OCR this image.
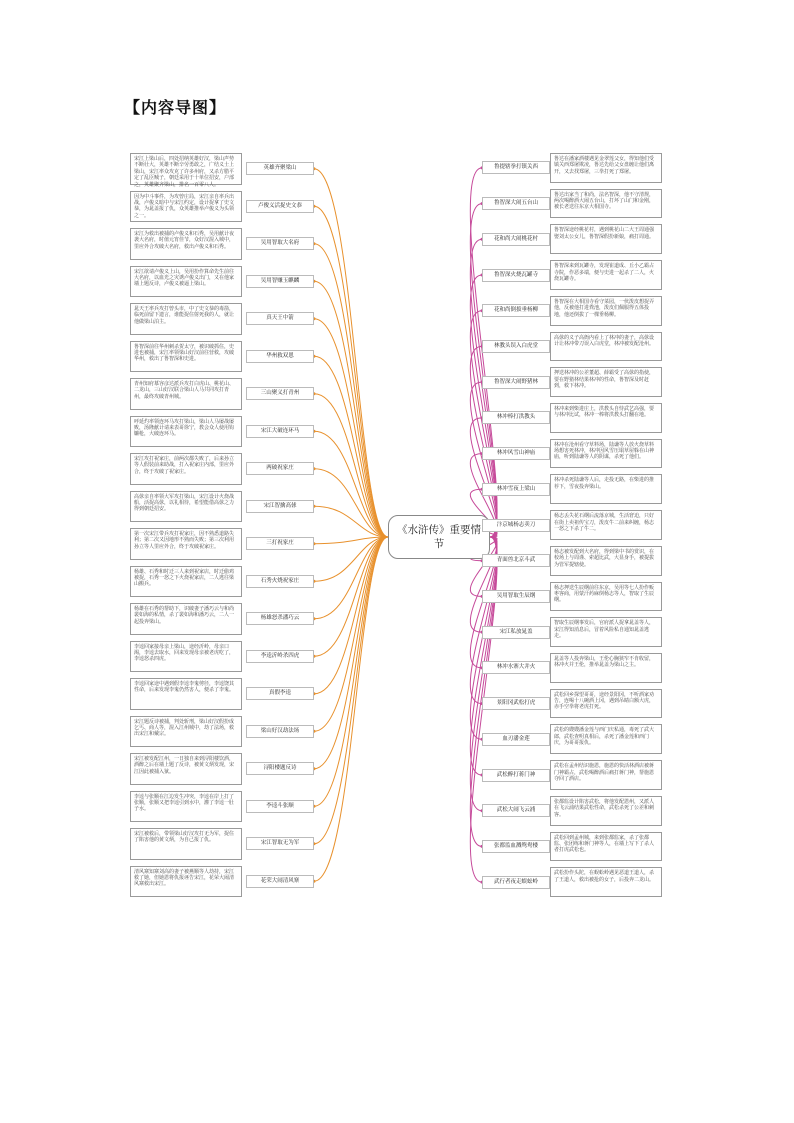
【内容导图】
《水浒传》重要情节
宋江上梁山后，四处招纳英雄好汉，梁山声势不断壮大，英雄不断辛劳勇敢之，广结义士上梁山，宋江率众攻克了许多州府，又杀方腊平定了乱臣贼子，朝廷采用于十单位招安，户部之，英雄聚齐梁山，排名一百零八人。
英雄齐聚梁山
因为中斗事件，为攻曾庄局，宋江亲自率兵出战，卢俊义暗中与宋江约定，设计捉拿了史文恭，为晁盖报了仇，众英雄推举卢俊义为头领之一。
卢俊义活捉史文恭
宋江为救出被捕的卢俊义和石秀，吴用献计夜袭大名府，时值元宵佳节，众好汉混入城中，里应外合攻破大名府，救出卢俊义和石秀。
吴用智取大名府
宋江欲请卢俊义上山，吴用扮作算命先生前往大名府，以血光之灾诱卢俊义出门，又在他家墙上题反诗，卢俊义被逼上梁山。
吴用智赚玉麒麟
晁天王率兵攻打曾头市，中了史文恭的毒箭，临死前留下遗言，谁能捉住射死我的人，就让他做梁山泊主。
真天王中箭
鲁智深前往华州刺杀贺太守，被识破抓住，史进也被捕，宋江率领梁山好汉前往营救，攻破华州，救出了鲁智深和史进。
华州救双恩
青州知府慕容彦达派兵攻打白虎山、桃花山、二龙山，三山好汉联合梁山人马共同攻打青州，最终攻破青州城。
三山聚义打青州
呼延灼率领连环马攻打梁山，梁山人马屡战屡败，汤隆献计请来表哥徐宁，教会众人使用钩镰枪，大破连环马。
宋江大破连环马
宋江攻打祝家庄，前两次都失败了，后来孙立等人假装前来助战，打入祝家庄内部，里应外合，终于攻破了祝家庄。
两破祝家庄
高俅亲自率领大军攻打梁山，宋江设计火烧战船，活捉高俅，以礼相待，希望能借高俅之力得到朝廷招安。
宋江智擒高俅
第一次宋江带兵攻打祝家庄，因不熟悉道路失利；第二次又因地形不熟而失败；第三次利用孙立等人里应外合，终于攻破祝家庄。
三打祝家庄
杨雄、石秀和时迁三人来到祝家店，时迁偷鸡被捉，石秀一怒之下火烧祝家店，二人逃往梁山搬兵。
石秀火烧祝家庄
杨雄在石秀的帮助下，识破妻子潘巧云与和尚裴如海的私情，杀了裴如海和潘巧云，二人一起投奔梁山。
杨雄怒杀潘巧云
李逵回家接母亲上梁山，途经沂岭，母亲口渴，李逵去取水，回来发现母亲被老虎吃了，李逵怒杀四虎。
李逵沂岭杀四虎
李逵回家途中遇到假李逵李鬼剪径，李逵饶其性命，后来发现李鬼仍然害人，便杀了李鬼。	真假李逵
宋江题反诗被捕，判处斩刑，梁山好汉假扮成乞丐、商人等，混入江州城中，劫了法场，救出宋江和戴宗。
梁山好汉劫法场
宋江被发配江州，一日独自来到浔阳楼饮酒，酒醉之后在墙上题了反诗，被黄文炳发现，宋江因此被捕入狱。
浔阳楼题反诗
李逵与张顺在江边发生冲突，李逵在岸上打了张顺，张顺又把李逵引到水中，灌了李逵一肚子水。
李逵斗张顺
宋江被救后，带领梁山好汉攻打无为军，捉住了陷害他的黄文炳，为自己报了仇。	宋江智取无为军
清风寨知寨刘高的妻子被燕顺等人劫持，宋江救了她，但她恩将仇报诬告宋江，花荣大闹清风寨救出宋江。
花荣大闹清风寨
鲁达在潘家酒楼遇见金翠莲父女，得知他们受镇关西郑屠欺凌，鲁达先给父女盘缠让他们离开，又去找郑屠，三拳打死了郑屠。
鲁提辖拳打镇关西
鲁达出家当了和尚，法名智深，他不守清规，两次喝醉酒大闹五台山，打坏了山门和金刚，被长老送往东京大相国寺。
鲁智深大闹五台山
鲁智深途经桃花村，遇到桃花山二大王周通强娶刘太公女儿，鲁智深假扮新娘，痛打周通。
花和尚大闹桃花村
鲁智深来到瓦罐寺，发现崔道成、丘小乙霸占寺院，作恶多端，便与史进一起杀了二人，火烧瓦罐寺。
鲁智深火烧瓦罐寺
鲁智深在大相国寺看守菜园，一伙泼皮想捉弄他，反被他打进粪池，泼皮们佩服得五体投地，他还倒拔了一棵垂杨柳。
花和尚倒拔垂杨柳
高俅的义子高衙内看上了林冲的妻子，高俅设计让林冲带刀误入白虎堂，林冲被发配沧州。
林教头误入白虎堂
押送林冲的公差董超、薛霸受了高俅的指使，要在野猪林结果林冲的性命，鲁智深及时赶到，救下林冲。
鲁智深大闹野猪林
林冲来到柴进庄上，洪教头自恃武艺高强，要与林冲比试，林冲一棒将洪教头打翻在地。
林冲棒打洪教头
林冲在沧州看守草料场，陆谦等人放火烧草料场想害死林冲，林冲因风雪压塌草屋躲在山神庙，听到陆谦等人的阴谋，杀死了他们。
林冲风雪山神庙
林冲杀死陆谦等人后，走投无路，在柴进的推荐下，雪夜投奔梁山。
林冲雪夜上梁山
杨志丢失花石纲后流落京城，生活窘迫，只好在街上卖祖传宝刀，泼皮牛二前来纠缠，杨志一怒之下杀了牛二。
汴京城杨志卖刀
杨志被发配到大名府，得到梁中书的赏识，在校场上与周谨、索超比武，大显身手，被提拔为管军提辖使。
青面兽北京斗武
杨志押送生辰纲前往东京，吴用等七人扮作贩枣客商，用蒙汗药麻倒杨志等人，智取了生辰纲。
吴用智取生辰纲
智取生辰纲事发后，官府派人捉拿晁盖等人，宋江得知消息后，冒着风险私自通知晁盖逃走。
宋江私放晁盖
晁盖等人投奔梁山，王伦心胸狭窄不肯收留，林冲火并王伦，推举晁盖为梁山之主。
林冲水寨大并火
武松回乡探望哥哥，途经景阳冈，不听酒家劝告，连喝十八碗酒上冈，遇到吊睛白额大虎，赤手空拳将老虎打死。
景阳冈武松打虎
武松的嫂嫂潘金莲与西门庆私通，毒死了武大郎，武松查明真相后，杀死了潘金莲和西门庆，为哥哥报仇。
血刃潘金莲
武松在孟州结识施恩，施恩的快活林酒店被蒋门神霸占，武松喝醉酒后痛打蒋门神，帮施恩夺回了酒店。
武松醉打蒋门神
张都监设计陷害武松，将他发配恩州，又派人在飞云浦结果武松性命，武松杀死了公差和刺客。
武松大闹飞云浦
武松回到孟州城，来到张都监家，杀了张都监、张团练和蒋门神等人，在墙上写下了杀人者打虎武松也。
张都监血溅鸳鸯楼
武松扮作头陀，在蜈蚣岭遇见恶道王道人，杀了王道人，救出被抢的女子，后投奔二龙山。
武行者夜走蜈蚣岭
